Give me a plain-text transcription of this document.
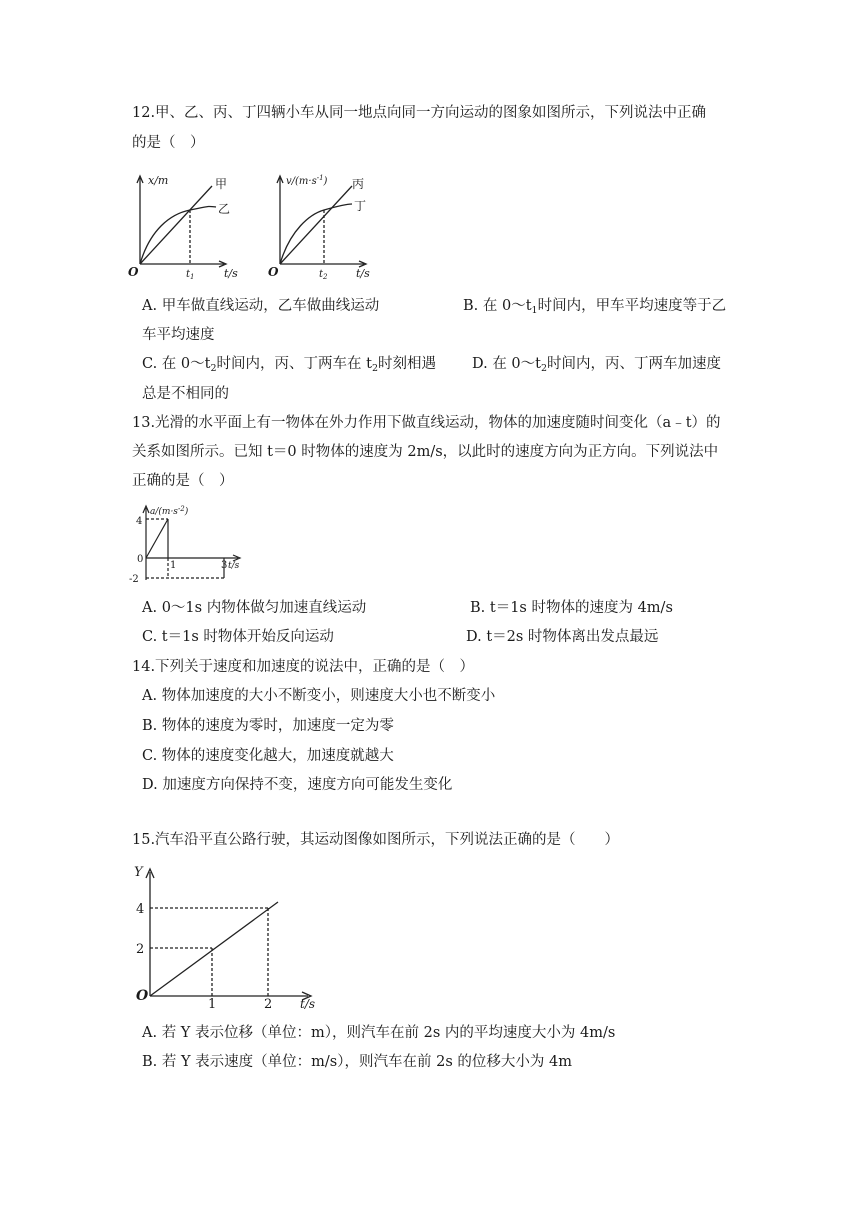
12.甲、乙、丙、丁四辆小车从同一地点向同一方向运动的图象如图所示，下列说法中正确
的是（　）
x/m	甲
乙
O	$t_1$	t/s
$v/(m\cdot s^{-1})$ 丙
丁
O	$t_2$	t/s
A. 甲车做直线运动，乙车做曲线运动	B. 在 $0\sim t_1$时间内，甲车平均速度等于乙
车平均速度
C. 在 $0\sim t_2$时间内，丙、丁两车在 $t_2$时刻相遇 D. 在 $0\sim t_2$时间内，丙、丁两车加速度
总是不相同的
13.光滑的水平面上有一物体在外力作用下做直线运动，物体的加速度随时间变化（a﹣t）的
关系如图所示。已知 t＝0 时物体的速度为 2m/s，以此时的速度方向为正方向。下列说法中
正确的是（　）
$a/(m\cdot s^{-2})$
4
0
-2
1	3 t/s
A. 0～1s 内物体做匀加速直线运动	B. t＝1s 时物体的速度为 4m/s
C. t＝1s 时物体开始反向运动	D. t＝2s 时物体离出发点最远
14.下列关于速度和加速度的说法中，正确的是（　）
A. 物体加速度的大小不断变小，则速度大小也不断变小
B. 物体的速度为零时，加速度一定为零
C. 物体的速度变化越大，加速度就越大
D. 加速度方向保持不变，速度方向可能发生变化
15.汽车沿平直公路行驶，其运动图像如图所示，下列说法正确的是（　　）
Y
4
2
O
1	2 t/s
A. 若 Y 表示位移（单位：m），则汽车在前 2s 内的平均速度大小为 4m/s
B. 若 Y 表示速度（单位：m/s），则汽车在前 2s 的位移大小为 4m
